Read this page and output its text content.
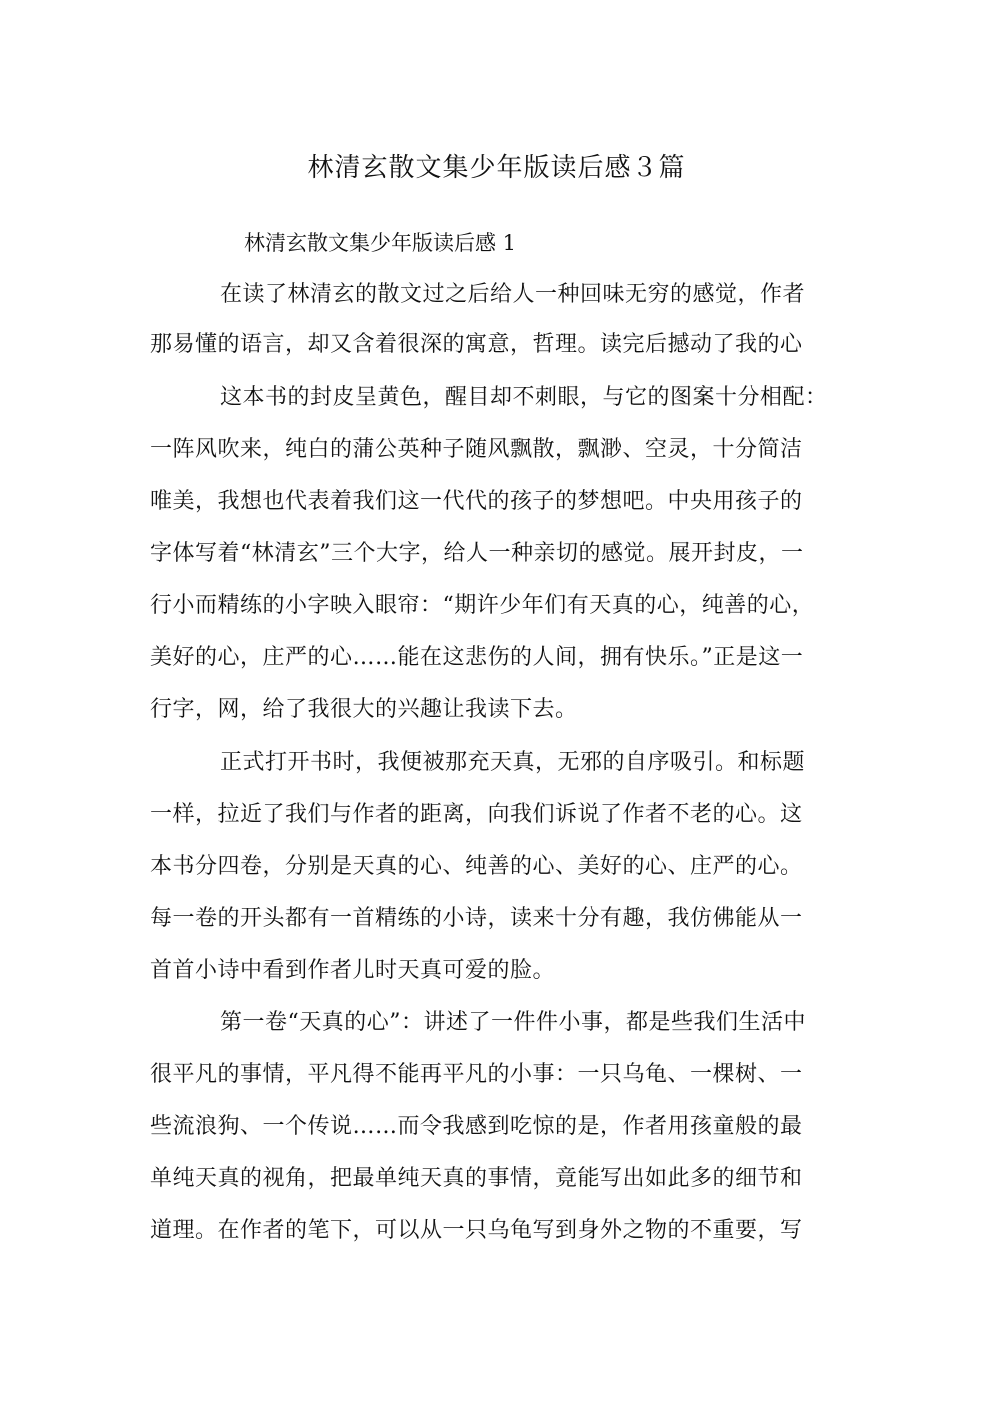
林清玄散文集少年版读后感３篇
林清玄散文集少年版读后感 1
在读了林清玄的散文过之后给人一种回味无穷的感觉，作者
那易懂的语言，却又含着很深的寓意，哲理。读完后撼动了我的心
这本书的封皮呈黄色，醒目却不刺眼，与它的图案十分相配：
一阵风吹来，纯白的蒲公英种子随风飘散，飘渺、空灵，十分简洁
唯美，我想也代表着我们这一代代的孩子的梦想吧。中央用孩子的
字体写着“林清玄”三个大字，给人一种亲切的感觉。展开封皮，一
行小而精练的小字映入眼帘：“期许少年们有天真的心，纯善的心，
美好的心，庄严的心……能在这悲伤的人间，拥有快乐。”正是这一
行字，网，给了我很大的兴趣让我读下去。
正式打开书时，我便被那充天真，无邪的自序吸引。和标题
一样，拉近了我们与作者的距离，向我们诉说了作者不老的心。这
本书分四卷，分别是天真的心、纯善的心、美好的心、庄严的心。
每一卷的开头都有一首精练的小诗，读来十分有趣，我仿佛能从一
首首小诗中看到作者儿时天真可爱的脸。
第一卷“天真的心”：讲述了一件件小事，都是些我们生活中
很平凡的事情，平凡得不能再平凡的小事：一只乌龟、一棵树、一
些流浪狗、一个传说……而令我感到吃惊的是，作者用孩童般的最
单纯天真的视角，把最单纯天真的事情，竟能写出如此多的细节和
道理。在作者的笔下，可以从一只乌龟写到身外之物的不重要，写
